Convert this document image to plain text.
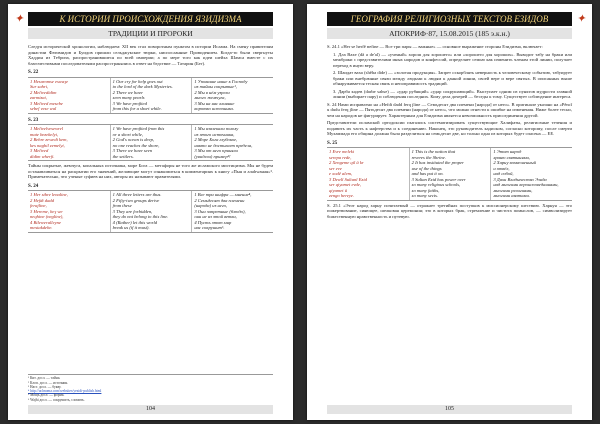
✦	К ИСТОРИИ ПРОИСХОЖДЕНИЯ ЯЗИДИЗМА
ТРАДИЦИИ И ПРОРОКИ

Следуя исторической хронологии, наблюдаем: XII век стал поворотным пунктом в истории Ислама. На смену правителям династии Фатимидов и Буидов пришли сельджукские тюрки, ниспосланные Провидением. Когда-то были свергнуты Хаддин из Тебриза, распространившиеся по всей империи; а по мере того как идеи шейха Шамса вместе с их благочестивыми последователями распространялись в ответ на бедствие — Татарин (Бег).

S. 22
1 Hesaromse eswaȝe
Sur sahri,
2 Melivedidim
zarmizai,
3 Melived mesebe
sebef vese wal
1 Our cry for help goes out
to the lord of the dark Mysteries.
2 There we have
seen many pearls
3 We have profited
from this for a short while.
1 Упование наше к Господу
из тайны сокрытые¹,
2 Мы в нём узрели
много жемчуга,
3 Мы на нас влияние
коротко источника.
S. 23
1 Melivelvesewrel
mate bezekelyi,
2 Behre zewedi kem,
kes naghil zemelyi,
3 Melived
didim wherfi.
1 We have profited from this
or a short while,
2 God's ocean is deep,
no one reaches the shore,
3 There we have seen
the settlers.
1 Мы извлекали пользу
из этого источника,
2 Море Бога глубокое,
никто не достигает предела,
3 Мы от него приняли
(увидели) пример²!

Тайны сокрытые, жемчуга, копальных источника, море Бога — метафоры не того же исламского мистицизма. Мы не будем останавливаться на раскрытии его значений, желающие могут ознакомиться в комментариях к книгу «Пыя и алаhwаная»³. Примечательно, что ученые суфиев на них, авторы их называют правителями.

S. 24
1 Her sthre lenaline,
2 Hefdt dadd
ferajline,
3 Hereme, heȝ we
neqhine (negline),
4 Bileweralleyne
mestakdehe.
1 All three letters are thus.
2 Fifty-two groups derive
from these
3 They are forbidden,
they do not belong to this line.
4 (Rather) let this world
break us (if it must).
1 Все три шифра — мнение⁴,
2 Семьдесят два племени
(народа) из него,
3 Они запретные (блюдо),
они не из этой ветви,
4 Пусть этот мир
нас сокрушит⁵.
¹ Кит. досл. — тайна.
² Клоп. досл. — источник.
³ Наст. досл. — букву.
⁴ http://uchnoma.com/websites/yezidi-publish.html
⁵ Мощь досл. — форма.
⁶ Wajhi досл. — сокрушить, сломить.
104
ГЕОГРАФИЯ РЕЛИГИОЗНЫХ ТЕКСТОВ ЕЗИДОВ	✦
АПОКРИФ·87, 15.08.2015 (185 э.к.н.)

S. 24.1 «Her se herfê nefine — Все три пары — важные» — основное выражение стороны Езидизма, включает:

1. Дла Вахе (dâ a de'al) — «ученый» хорош для хорошего» или «хорошего для хороших». Выводит табу на браки или межбраки с представителями иных народов и конфессий, определяет семью как изменить членам этой линии, получает переход в иную веру.

2. Шаидат ваха (shêha dide) — «золотая продукция». Запрет оскорблять неверность к человеческому событию, табуирует браки или внебрачные связи между людьми к людям к данной линии, своей вере и вере святых. В описанных выше обнаруживается тесная связь и непоправимость традиций.

3. Дарба кадев (darbe sahse) — «удар рубящий» «удар сокрушающий». Выступает одним из пунктов мудрости главной линии (выбирает пару) и соблюдения последних. Кому дела дочерей — беседы к тому. Существует соблюдение интереса.

S. 24 Нами исправлено на «Hefdt dadd ferq jline — Семьдесят два племени [народа] от него». В оригинале указано на «Pêncî u dudu ferq jline — Пятьдесят два племени (народа) от него», что можно отнести к ошибке на изменения. Ниже более тесно, чем на народов не фигурирует. Характерным для Езидизма является невозможность присоединения другой.

Представители исламской ортодоксии пытались систематизировать существующие Халифаты, религиозные течения и подавить их часть к нафтерства и к соединению. Наконец, это руководитель кадиском, согласно которому, после смерти Мухаммада его община должна была разделиться на семьдесят две, но только одна из которых будет спасена — ЕЕ.

S. 25
1 Evre meleki
serepa rede,
2 Xengeme qil û kr
ser eve
e xodê alem,
3 Dewlî Sultanî Ezid
ser qiyamet evde,
qiyamet û
zengo hereye.
1 This is the nation that
reveres the Shrine.
2 It has instituted the proper
use of the things
and has put it on.
3 Sultan Ezid has power over
so many religious schools,
so many faiths,
so many sects.
1 Этот народ
храню святынями,
2 Харну возмешенный
и отвёл,
над собой,
3 Дахи Владычество Эзида
над многими вероисповеданиями,
многими религиями,
многими аватами.

S. 25.1 «Этот народ харну почитаемый — отражает третийнах поступков к миссионерскому шествию. Харнуя — это пожертвование, сияющее, шелковая церемония; это в которых брак, стремление и чистота помыслов, — символизирует божественную нравственность и путевую.

105
